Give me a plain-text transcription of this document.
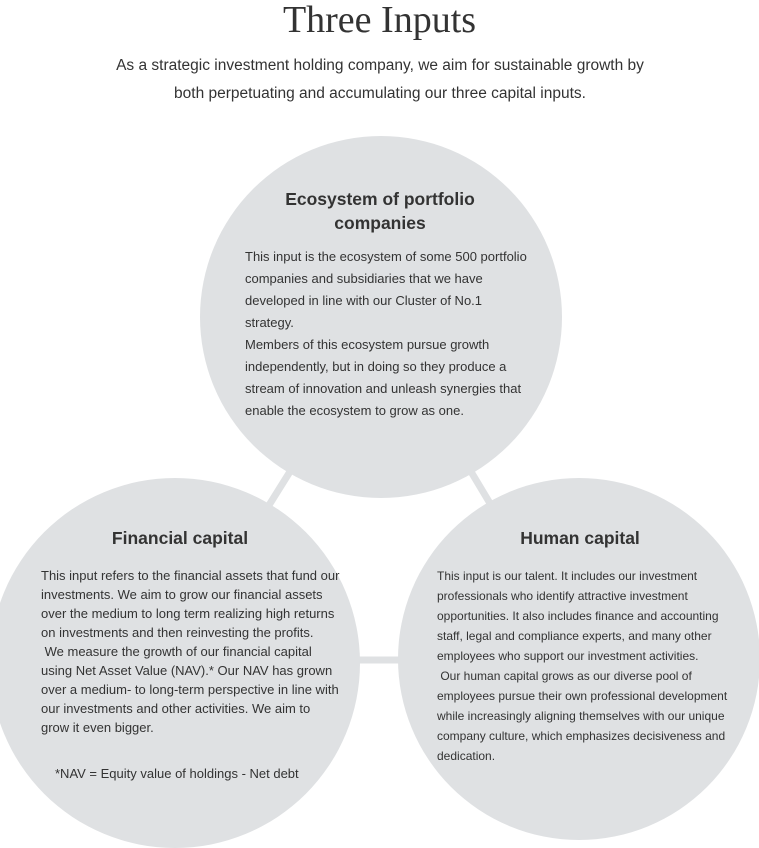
Three Inputs
As a strategic investment holding company, we aim for sustainable growth by
both perpetuating and accumulating our three capital inputs.
Ecosystem of portfolio companies

This input is the ecosystem of some 500 portfolio companies and subsidiaries that we have developed in line with our Cluster of No.1 strategy.

Members of this ecosystem pursue growth independently, but in doing so they produce a stream of innovation and unleash synergies that enable the ecosystem to grow as one.

Financial capital

This input refers to the financial assets that fund our investments. We aim to grow our financial assets over the medium to long term realizing high returns on investments and then reinvesting the profits.

We measure the growth of our financial capital using Net Asset Value (NAV).* Our NAV has grown over a medium- to long-term perspective in line with our investments and other activities. We aim to grow it even bigger.

*NAV = Equity value of holdings - Net debt

Human capital

This input is our talent. It includes our investment professionals who identify attractive investment opportunities. It also includes finance and accounting staff, legal and compliance experts, and many other employees who support our investment activities.

Our human capital grows as our diverse pool of employees pursue their own professional development while increasingly aligning themselves with our unique company culture, which emphasizes decisiveness and dedication.
